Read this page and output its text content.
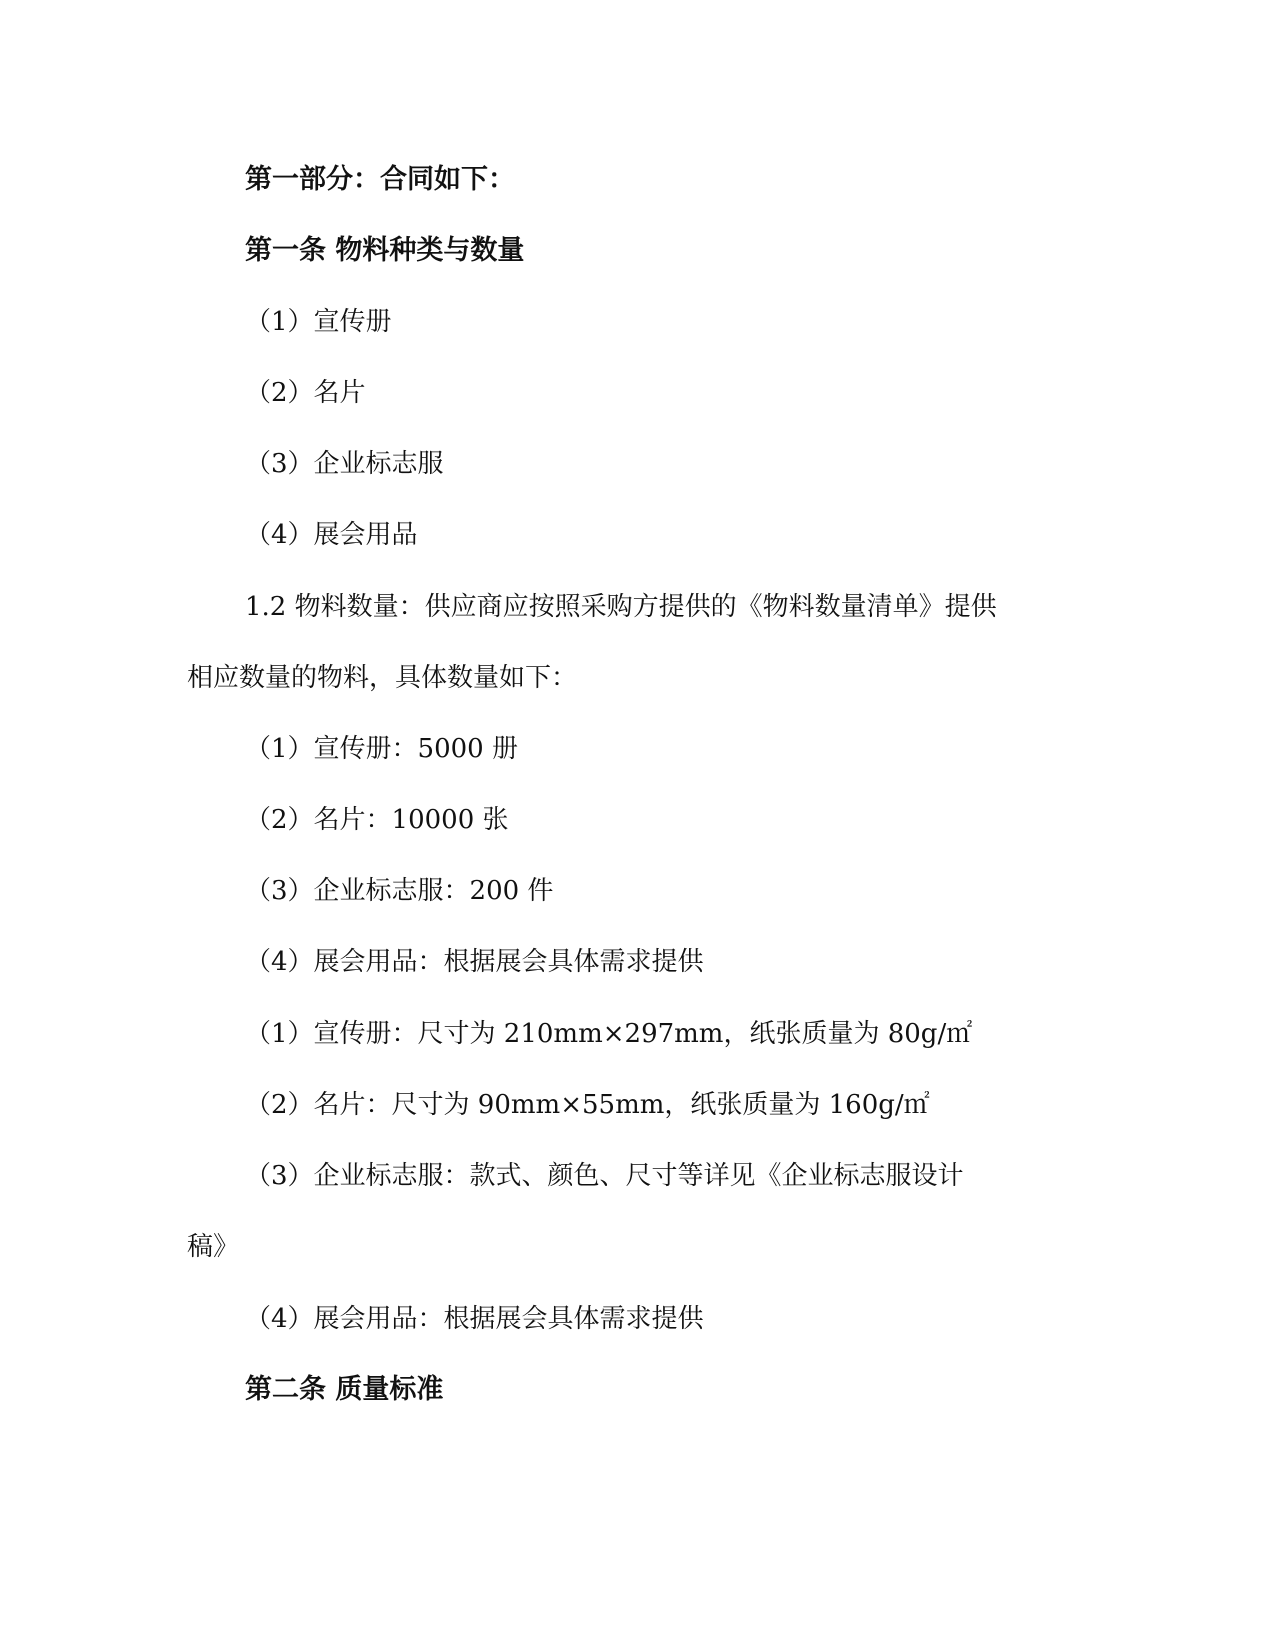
第一部分：合同如下：
第一条 物料种类与数量
（1）宣传册
（2）名片
（3）企业标志服
（4）展会用品
1.2 物料数量：供应商应按照采购方提供的《物料数量清单》提供
相应数量的物料，具体数量如下：
（1）宣传册：5000 册
（2）名片：10000 张
（3）企业标志服：200 件
（4）展会用品：根据展会具体需求提供
（1）宣传册：尺寸为 210mm×297mm，纸张质量为 80g/㎡
（2）名片：尺寸为 90mm×55mm，纸张质量为 160g/㎡
（3）企业标志服：款式、颜色、尺寸等详见《企业标志服设计
稿》
（4）展会用品：根据展会具体需求提供
第二条 质量标准
